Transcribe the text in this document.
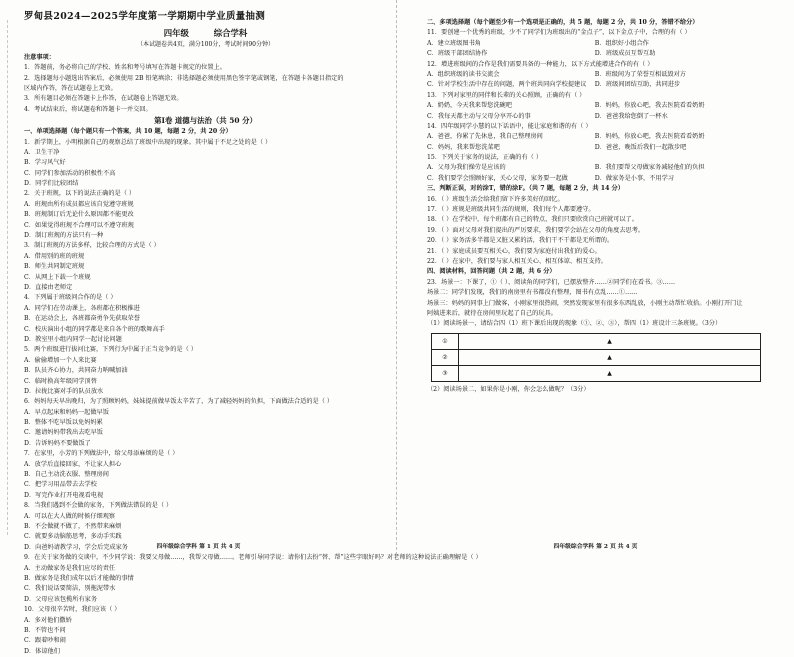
罗甸县2024—2025学年度第一学期期中学业质量抽测
四年级	综合学科
（本试题卷共4页，满分100分，考试时间90分钟）
注意事项：
1．答题前，务必将自己的学校、姓名和考号填写在答题卡规定的位置上。
2．选择题每小题选出答案后，必须使用 2B 铅笔填涂；非选择题必须使用黑色签字笔或钢笔，在答题卡各题目指定的
区域内作答，答在试题卷上无效。
3．所有题目必须在答题卡上作答，在试题卷上答题无效。
4．考试结束后，将试题卷和答题卡一并交回。
第Ⅰ卷 道德与法治（共 50 分）
一、单项选择题（每个题只有一个答案，共 10 题，每题 2 分，共 20 分）
1．新学期上，小明根据自己的观察总结了班级中出现的现象。其中属于不足之处的是（ ）
A．卫生干净
B．学习风气好
C．同学们参加活动的积极性不高
D．同学们比较团结
2．关于班规，以下的说法正确的是（ ）
A．班规由所有成员都应该自觉遵守班规
B．班规制订后无论什么原因都不能更改
C．如果觉得班规不合理可以不遵守班规
D．制订班规的方法只有一种
3．制订班规的方法多样，比较合理的方式是（ ）
A．借用别的班的班规
B．师生共同制定班规
C．从网上下载一个班规
D．直接由老师定
4．下列属于班级问合作的是（ ）
A．同学们在劳动课上，各班都在积极推进
B．在运动会上，各班都奋勇争先获取荣誉
C．校庆演出小组的同学都是来自各个班的歌舞高手
D．教室里小组内同学一起讨论问题
5．两个班级进行拔河比赛，下列行为中属于正当竞争的是（ ）
A．偷偷增加一个人来比赛
B．队员齐心协力，共同奋力呐喊加油
C．临时换高年级同学顶替
D．拉拢比赛对手的队员放水
6．妈妈每天早出晚归，为了照顾妈妈，妹妹提前做早饭太辛苦了，为了减轻妈妈的负担，下面做法合适的是（ ）
A．早点起床和妈妈一起做早饭
B．整体不吃早饭以免妈妈累
C．邀请妈妈带我出去吃早饭
D．告诉妈妈不要做饭了
7．在家里，小芳的下列做法中，给父母添麻烦的是（ ）
A．放学后直接回家，不让家人担心
B．自己主动洗衣服、整理房间
C．把学习用品带去去学校
D．写完作业打开电视看电视
8．当我们遇到不会做的家务，下列做法错误的是（ ）
A．可以在大人做的时候仔细观察
B．不会做就不做了，不然带来麻烦
C．就要多动脑筋思考，多动手实践
D．向爸妈请教学习，学会后完成家务
9．在关于家务做的交谈中，不少同学说：我要父母做……，我帮父母做……。老师引导同学说：请你们去扮“替、帮”这些字眼好吗？对老师的这种说法正确理解是（ ）
A．主动做家务是我们应尽的责任
B．做家务是我们成年以后才能做的事情
C．我们说话要简洁，别拖泥带水
D．父母应该包揽所有家务
10．父母很辛苦时，我们应该（ ）
A．多对他们撒娇
B．不管也不问
C．跟着吵和闹
D．体谅他们
四年级综合学科 第 1 页 共 4 页
二、多项选择题（每个题至少有一个选项是正确的，共 5 题，每题 2 分，共 10 分，答错不给分）
11．要创建一个优秀的班级，少不了同学们为班级出的“金点子”，以下金点子中，合理的有（ ）
A．建立班级图书角	B．组织好小组合作
C．班级干部团结协作	D．班级成员互帮互助
12．增进班级间的合作是我们需要具备的一种能力，以下方式能增进合作的有（ ）
A．组织班级的读书交流会	B．班级间为了荣誉互相诋毁对方
C．针对学校生活中存在的问题，两个班共同向学校提建议	D．班级间团结互助，共同进步
13．下列对家里的同伴和长辈的关心照顾，正确的有（ ）
A．奶奶，今天我来帮您洗碗吧	B．妈妈，你放心吧，我去医院看看奶奶
C．我每天都主动与父母分享开心的事	D．爸爸我给您倒了一杯水
14．四年级同学小慧的以下话语中，能让家庭和谐的有（ ）
A．爸爸，你累了先休息，我自己整理房间	B．妈妈，你放心吧，我去医院看看奶奶
C．妈妈，我来帮您洗菜吧	D．爸爸，晚饭后我们一起散步吧
15．下列关于家务的说法，正确的有（ ）
A．父母为我们操劳是应该的	B．我们要帮父母做家务减轻他们的负担
C．我们要学会照顾好家，关心父母，家务要一起做	D．做家务是小事，不用学习
三、判断正误，对的涂T，错的涂F。（共 7 题，每题 2 分，共 14 分）
16．（ ）班级生活会给我们留下许多美好的回忆。
17．（ ）班规是班级共同生活的规则，我们每个人都要遵守。
18．（ ）在学校中，每个班都有自己的特点，我们只要欣赏自己班就可以了。
19．（ ）面对父母对我们提出的严厉要求，我们要学会站在父母的角度去思考。
20．（ ）家务活多半都是又脏又累的活，我们干不干都是无所谓的。
21．（ ）家庭成员要互相关心，我们要为家庭付出我们的爱心。
22．（ ）在家中，我们要与家人相互关心、相互体谅、相互支持。
四、阅读材料，回答问题（共 2 题，共 6 分）
23．场景一：下课了，①（ ）、阅读角的同学们，已摆放整齐……②同学们在看书。③……
场景二：同学们发现，我们的南房里有书都没有整理，图书有点乱……①……
场景三：妈妈的同事上门做客，小刚家里很热闹，突然发现家里有很多东西乱放，小刚主动帮忙收拾。小刚打开门让
阿姨进来后，就待在房间里玩起了自己的玩具。
（1）阅读场景一，请结合四（1）班下课后出现的现象（①、②、③），帮四（1）班设计三条班规。（3分）
①	▲
②	▲
③	▲
（2）阅读场景二，如果你是小刚，你会怎么做呢？（3分）
四年级综合学科 第 2 页 共 4 页
